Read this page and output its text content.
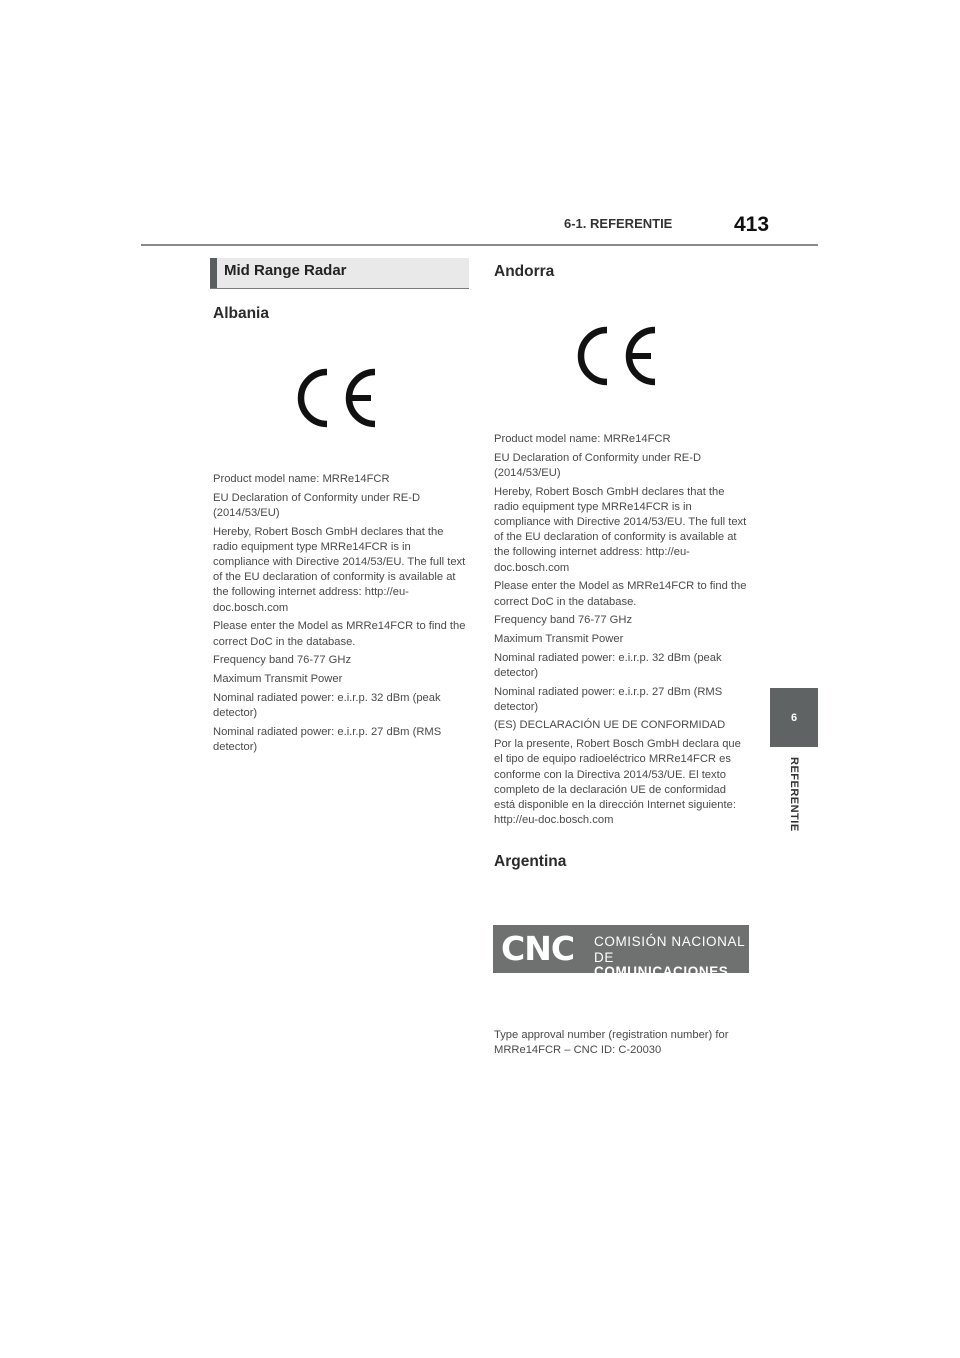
6-1. REFERENTIE	413
6
REFERENTIE
Mid Range Radar
Albania

Product model name: MRRe14FCR

EU Declaration of Conformity under RE-D (2014/53/EU)

Hereby, Robert Bosch GmbH declares that the radio equipment type MRRe14FCR is in compliance with Directive 2014/53/EU. The full text of the EU declaration of conformity is available at the following internet address: http://eu-doc.bosch.com

Please enter the Model as MRRe14FCR to find the correct DoC in the database.

Frequency band 76-77 GHz

Maximum Transmit Power

Nominal radiated power: e.i.r.p. 32 dBm (peak detector)

Nominal radiated power: e.i.r.p. 27 dBm (RMS detector)

Andorra

Product model name: MRRe14FCR

EU Declaration of Conformity under RE-D (2014/53/EU)

Hereby, Robert Bosch GmbH declares that the radio equipment type MRRe14FCR is in compliance with Directive 2014/53/EU. The full text of the EU declaration of conformity is available at the following internet address: http://eu-doc.bosch.com

Please enter the Model as MRRe14FCR to find the correct DoC in the database.

Frequency band 76-77 GHz

Maximum Transmit Power

Nominal radiated power: e.i.r.p. 32 dBm (peak detector)

Nominal radiated power: e.i.r.p. 27 dBm (RMS detector)

(ES) DECLARACIÓN UE DE CONFORMIDAD

Por la presente, Robert Bosch GmbH declara que el tipo de equipo radioeléctrico MRRe14FCR es conforme con la Directiva 2014/53/UE. El texto completo de la declaración UE de conformidad está disponible en la dirección Internet siguiente: http://eu-doc.bosch.com

Argentina
CNC COMISIÓN NACIONAL
DE COMUNICACIONES

Type approval number (registration number) for MRRe14FCR – CNC ID: C-20030
